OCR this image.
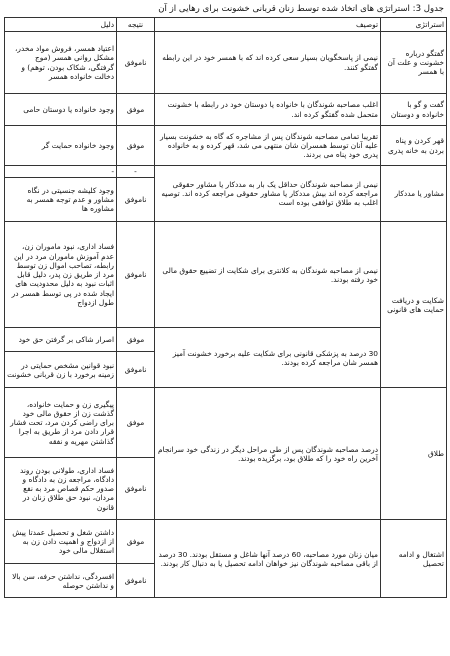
جدول 3: استراتژی های اتخاذ شده توسط زنان قربانی خشونت برای رهایی از آن
استراتژی	توصیف	نتیجه	دلیل
گفتگو درباره خشونت و علت آن با همسر	نیمی از پاسخگویان بسیار سعی کرده اند که با همسر خود در این رابطه گفتگو کنند.	ناموفق	اعتیاد همسر، فروش مواد مخدر، مشکل روانی همسر (موج گرفتگی، شکاک بودن، توهم) و دخالت خانواده همسر
گفت و گو با خانواده و دوستان	اغلب مصاحبه شوندگان با خانواده یا دوستان خود در رابطه با خشونت متحمل شده گفتگو کرده اند.	موفق	وجود خانواده یا دوستان حامی
قهر کردن و پناه بردن به خانه پدری	تقریبا تمامی مصاحبه شوندگان پس از مشاجره که گاه به خشونت بسیار علیه آنان توسط همسران شان منتهی می شد، قهر کرده و به خانواده پدری خود پناه می بردند.	موفق	وجود خانواده حمایت گر
مشاور یا مددکار	نیمی از مصاحبه شوندگان حداقل یک بار به مددکار یا مشاور حقوقی مراجعه کرده اند بیش مددکار یا مشاور حقوقی مراجعه کرده اند. توصیه اغلب به طلاق توافقی بوده است	-	-
		ناموفق	وجود کلیشه جنسیتی در نگاه مشاور و عدم توجه همسر به مشاوره ها
شکایت و دریافت حمایت های قانونی	نیمی از مصاحبه شوندگان به کلانتری برای شکایت از تضییع حقوق مالی خود رفته بودند.	ناموفق	فساد اداری، نبود ماموران زن، عدم آموزش ماموران مرد در این رابطه، تصاحب اموال زن توسط مرد از طریق زن پدر، دلیل قابل اثبات نبود به دلیل محدودیت های ایجاد شده در پی توسط همسر در طول ازدواج
	30 درصد به پزشکی قانونی برای شکایت علیه برخورد خشونت آمیز همسر شان مراجعه کرده بودند.	موفق	اصرار شاکی بر گرفتن حق خود
		ناموفق	نبود قوانین مشخص حمایتی در زمینه برخورد با زن قربانی خشونت
طلاق	درصد مصاحبه شوندگان پس از طی مراحل دیگر در زندگی خود سرانجام آخرین راه خود را که طلاق بود، برگزیده بودند.	موفق	پیگیری زن و حمایت خانواده، گذشت زن از حقوق مالی خود برای راضی کردن مرد، تحت فشار قرار دادن مرد از طریق به اجرا گذاشتن مهریه و نفقه
		ناموفق	فساد اداری، طولانی بودن روند دادگاه، مراجعه زن به دادگاه و صدور حکم قصاص مرد به نفع مردان، نبود حق طلاق زنان در قانون
اشتغال و ادامه تحصیل	میان زنان مورد مصاحبه، 60 درصد آنها شاغل و مستقل بودند. 30 درصد از باقی مصاحبه شوندگان نیز خواهان ادامه تحصیل یا به دنبال کار بودند.	موفق	داشتن شغل و تحصیل عمدتا پیش از ازدواج و اهمیت دادن زن به استقلال مالی خود
		ناموفق	افسردگی، نداشتن حرفه، سن بالا و نداشتن حوصله
